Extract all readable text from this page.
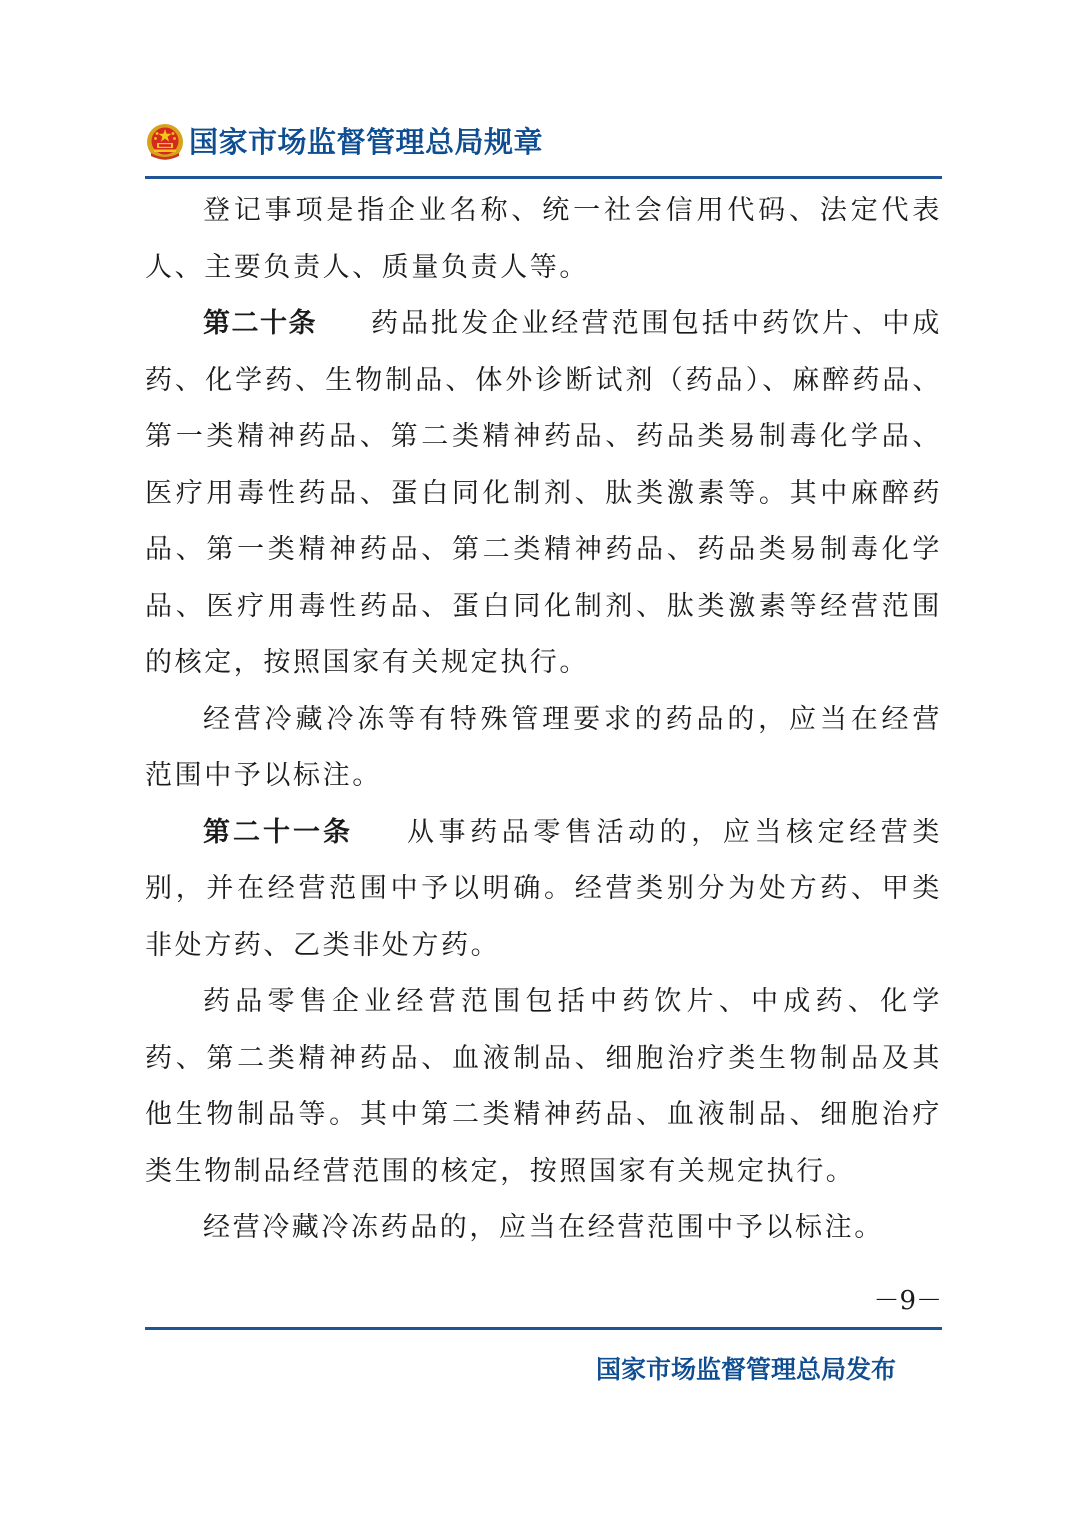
国家市场监督管理总局规章

登记事项是指企业名称、统一社会信用代码、法定代表人、主要负责人、质量负责人等。

第二十条 药品批发企业经营范围包括中药饮片、中成药、化学药、生物制品、体外诊断试剂（药品）、麻醉药品、第一类精神药品、第二类精神药品、药品类易制毒化学品、医疗用毒性药品、蛋白同化制剂、肽类激素等。其中麻醉药品、第一类精神药品、第二类精神药品、药品类易制毒化学品、医疗用毒性药品、蛋白同化制剂、肽类激素等经营范围的核定，按照国家有关规定执行。

经营冷藏冷冻等有特殊管理要求的药品的，应当在经营范围中予以标注。

第二十一条 从事药品零售活动的，应当核定经营类别，并在经营范围中予以明确。经营类别分为处方药、甲类非处方药、乙类非处方药。

药品零售企业经营范围包括中药饮片、中成药、化学药、第二类精神药品、血液制品、细胞治疗类生物制品及其他生物制品等。其中第二类精神药品、血液制品、细胞治疗类生物制品经营范围的核定，按照国家有关规定执行。

经营冷藏冷冻药品的，应当在经营范围中予以标注。

－9－
国家市场监督管理总局发布
